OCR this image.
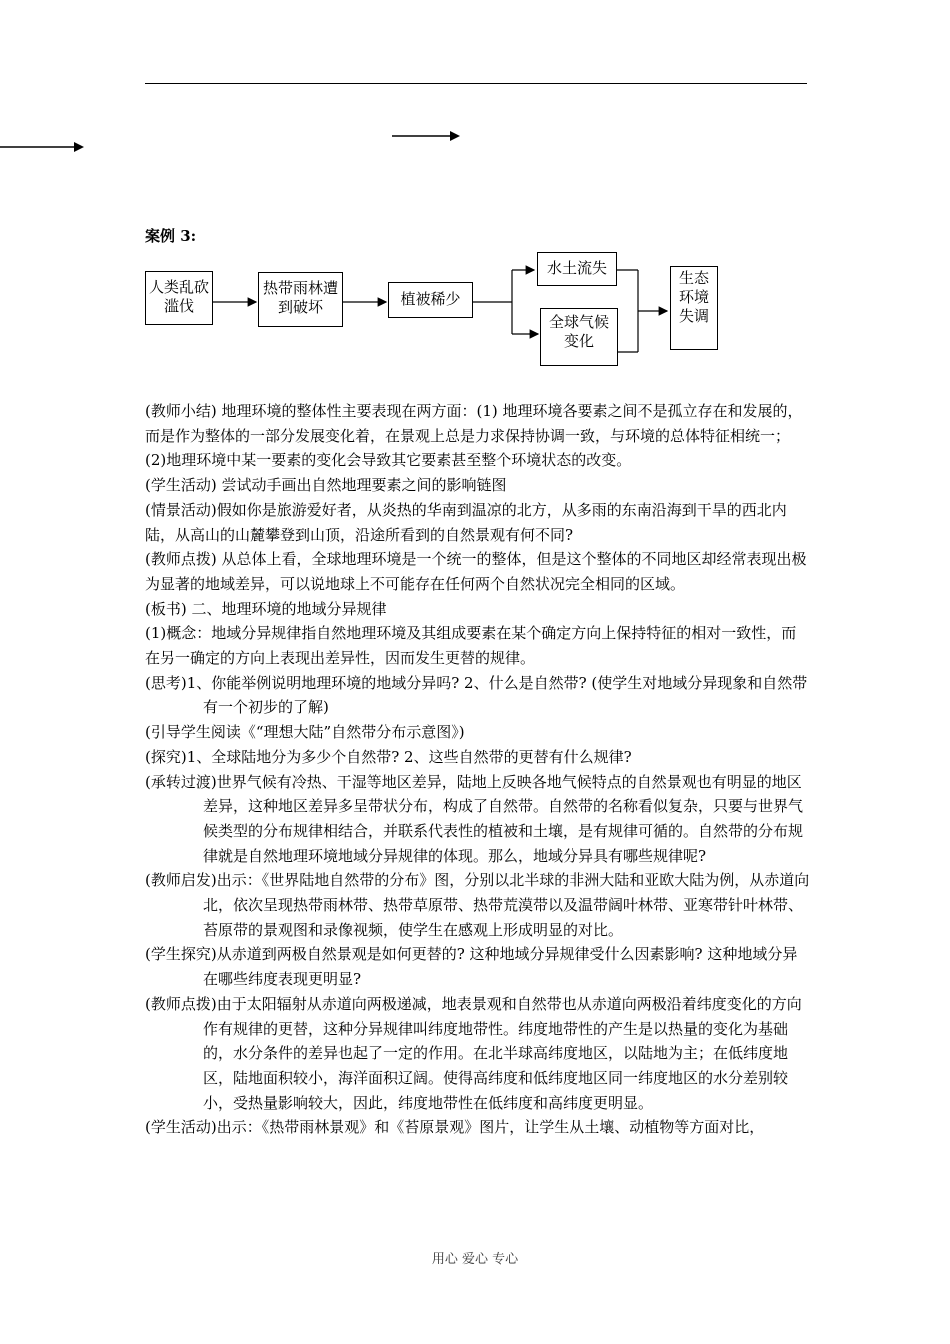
案例 3:
人类乱砍滥伐
热带雨林遭到破坏	植被稀少
水土流失
全球气候变化
生态环境失调

(教师小结) 地理环境的整体性主要表现在两方面：(1) 地理环境各要素之间不是孤立存在和发展的，而是作为整体的一部分发展变化着，在景观上总是力求保持协调一致，与环境的总体特征相统一；(2)地理环境中某一要素的变化会导致其它要素甚至整个环境状态的改变。

(学生活动) 尝试动手画出自然地理要素之间的影响链图

(情景活动)假如你是旅游爱好者，从炎热的华南到温凉的北方，从多雨的东南沿海到干旱的西北内陆，从高山的山麓攀登到山顶，沿途所看到的自然景观有何不同?

(教师点拨) 从总体上看，全球地理环境是一个统一的整体，但是这个整体的不同地区却经常表现出极为显著的地域差异，可以说地球上不可能存在任何两个自然状况完全相同的区域。

(板书) 二、地理环境的地域分异规律

(1)概念：地域分异规律指自然地理环境及其组成要素在某个确定方向上保持特征的相对一致性，而在另一确定的方向上表现出差异性，因而发生更替的规律。

(思考)1、你能举例说明地理环境的地域分异吗? 2、什么是自然带? (使学生对地域分异现象和自然带有一个初步的了解)

(引导学生阅读《“理想大陆”自然带分布示意图》)

(探究)1、全球陆地分为多少个自然带? 2、这些自然带的更替有什么规律?

(承转过渡)世界气候有冷热、干湿等地区差异，陆地上反映各地气候特点的自然景观也有明显的地区差异，这种地区差异多呈带状分布，构成了自然带。自然带的名称看似复杂，只要与世界气候类型的分布规律相结合，并联系代表性的植被和土壤，是有规律可循的。自然带的分布规律就是自然地理环境地域分异规律的体现。那么，地域分异具有哪些规律呢?

(教师启发)出示：《世界陆地自然带的分布》图，分别以北半球的非洲大陆和亚欧大陆为例，从赤道向北，依次呈现热带雨林带、热带草原带、热带荒漠带以及温带阔叶林带、亚寒带针叶林带、苔原带的景观图和录像视频，使学生在感观上形成明显的对比。

(学生探究)从赤道到两极自然景观是如何更替的? 这种地域分异规律受什么因素影响? 这种地域分异在哪些纬度表现更明显?

(教师点拨)由于太阳辐射从赤道向两极递减，地表景观和自然带也从赤道向两极沿着纬度变化的方向作有规律的更替，这种分异规律叫纬度地带性。纬度地带性的产生是以热量的变化为基础的，水分条件的差异也起了一定的作用。在北半球高纬度地区，以陆地为主；在低纬度地区，陆地面积较小，海洋面积辽阔。使得高纬度和低纬度地区同一纬度地区的水分差别较小，受热量影响较大，因此，纬度地带性在低纬度和高纬度更明显。

(学生活动)出示：《热带雨林景观》和《苔原景观》图片，让学生从土壤、动植物等方面对比，

用心 爱心 专心
